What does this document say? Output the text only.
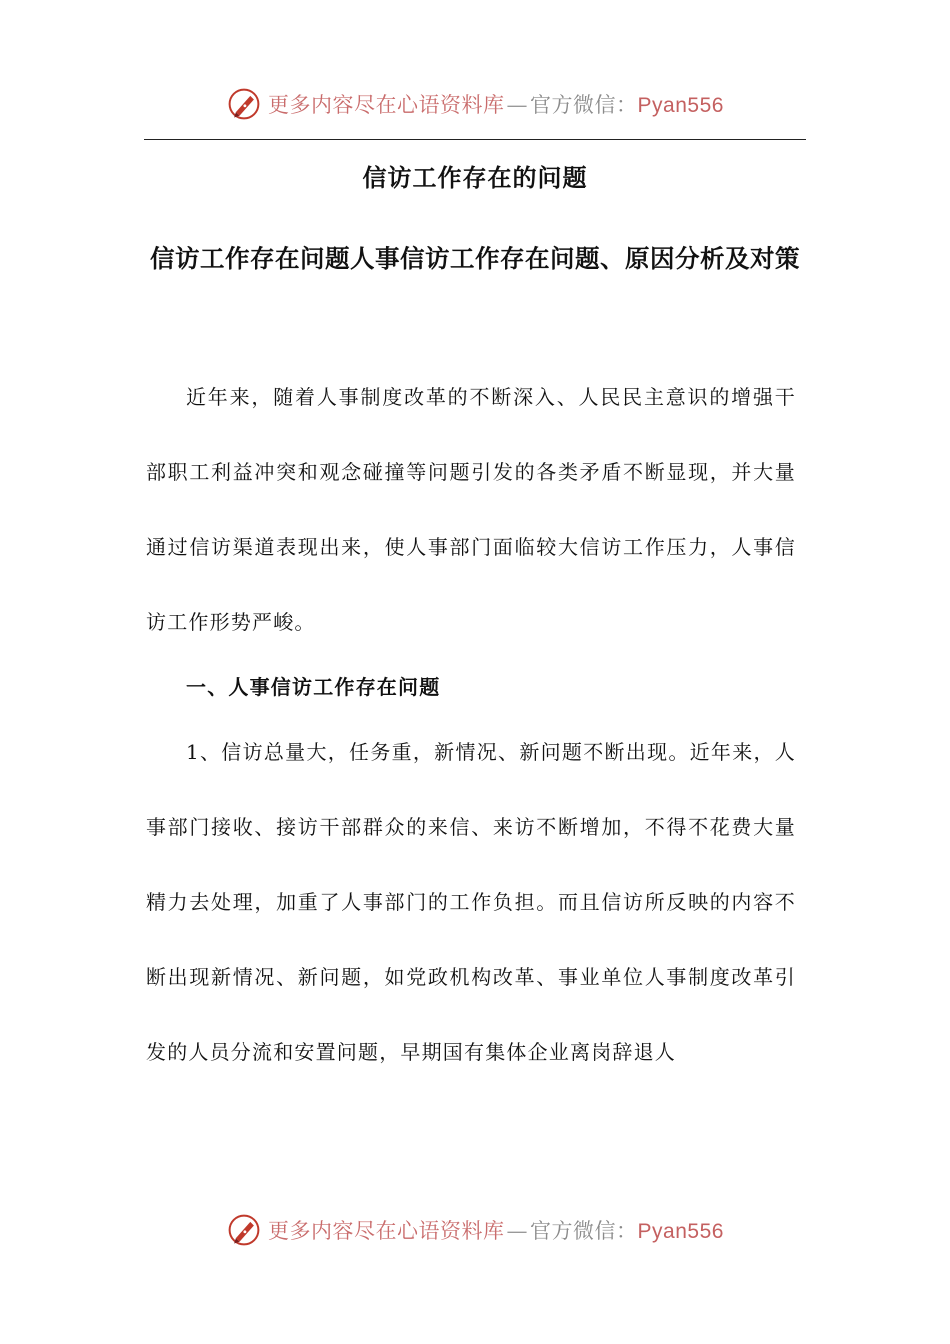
更多内容尽在心语资料库—官方微信：Pyan556
信访工作存在的问题
信访工作存在问题人事信访工作存在问题、原因分析及对策

近年来，随着人事制度改革的不断深入、人民民主意识的增强干部职工利益冲突和观念碰撞等问题引发的各类矛盾不断显现，并大量通过信访渠道表现出来，使人事部门面临较大信访工作压力，人事信访工作形势严峻。

一、人事信访工作存在问题

1、信访总量大，任务重，新情况、新问题不断出现。近年来，人事部门接收、接访干部群众的来信、来访不断增加，不得不花费大量精力去处理，加重了人事部门的工作负担。而且信访所反映的内容不断出现新情况、新问题，如党政机构改革、事业单位人事制度改革引发的人员分流和安置问题，早期国有集体企业离岗辞退人

更多内容尽在心语资料库—官方微信：Pyan556
